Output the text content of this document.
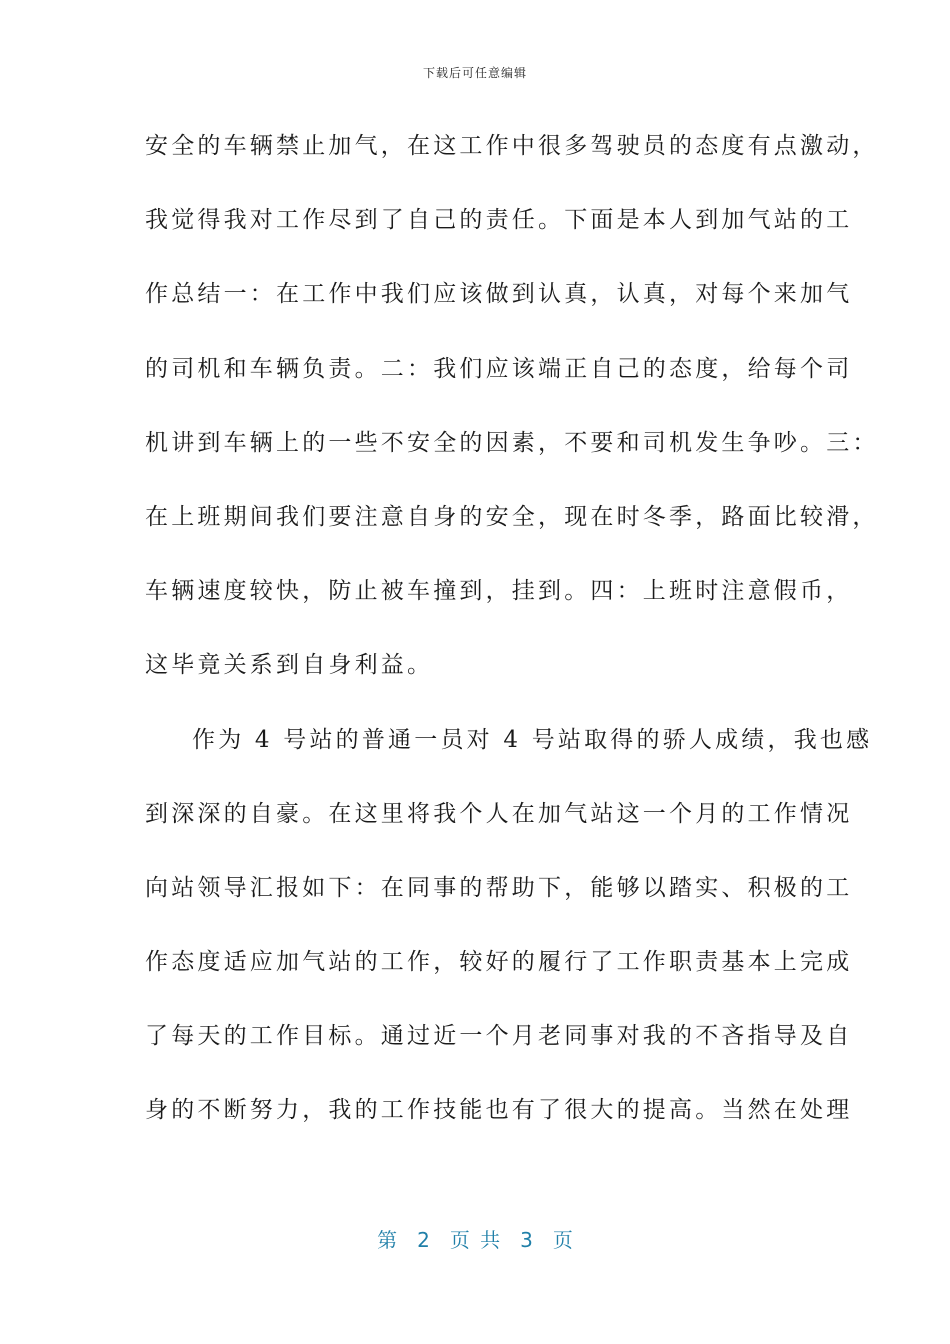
下载后可任意编辑
安全的车辆禁止加气，在这工作中很多驾驶员的态度有点激动，
我觉得我对工作尽到了自己的责任。下面是本人到加气站的工
作总结一：在工作中我们应该做到认真，认真，对每个来加气
的司机和车辆负责。二：我们应该端正自己的态度，给每个司
机讲到车辆上的一些不安全的因素，不要和司机发生争吵。三：
在上班期间我们要注意自身的安全，现在时冬季，路面比较滑，
车辆速度较快，防止被车撞到，挂到。四：上班时注意假币，
这毕竟关系到自身利益。
作为 4 号站的普通一员对 4 号站取得的骄人成绩，我也感
到深深的自豪。在这里将我个人在加气站这一个月的工作情况
向站领导汇报如下：在同事的帮助下，能够以踏实、积极的工
作态度适应加气站的工作，较好的履行了工作职责基本上完成
了每天的工作目标。通过近一个月老同事对我的不吝指导及自
身的不断努力，我的工作技能也有了很大的提高。当然在处理
第 2 页 共 3 页
